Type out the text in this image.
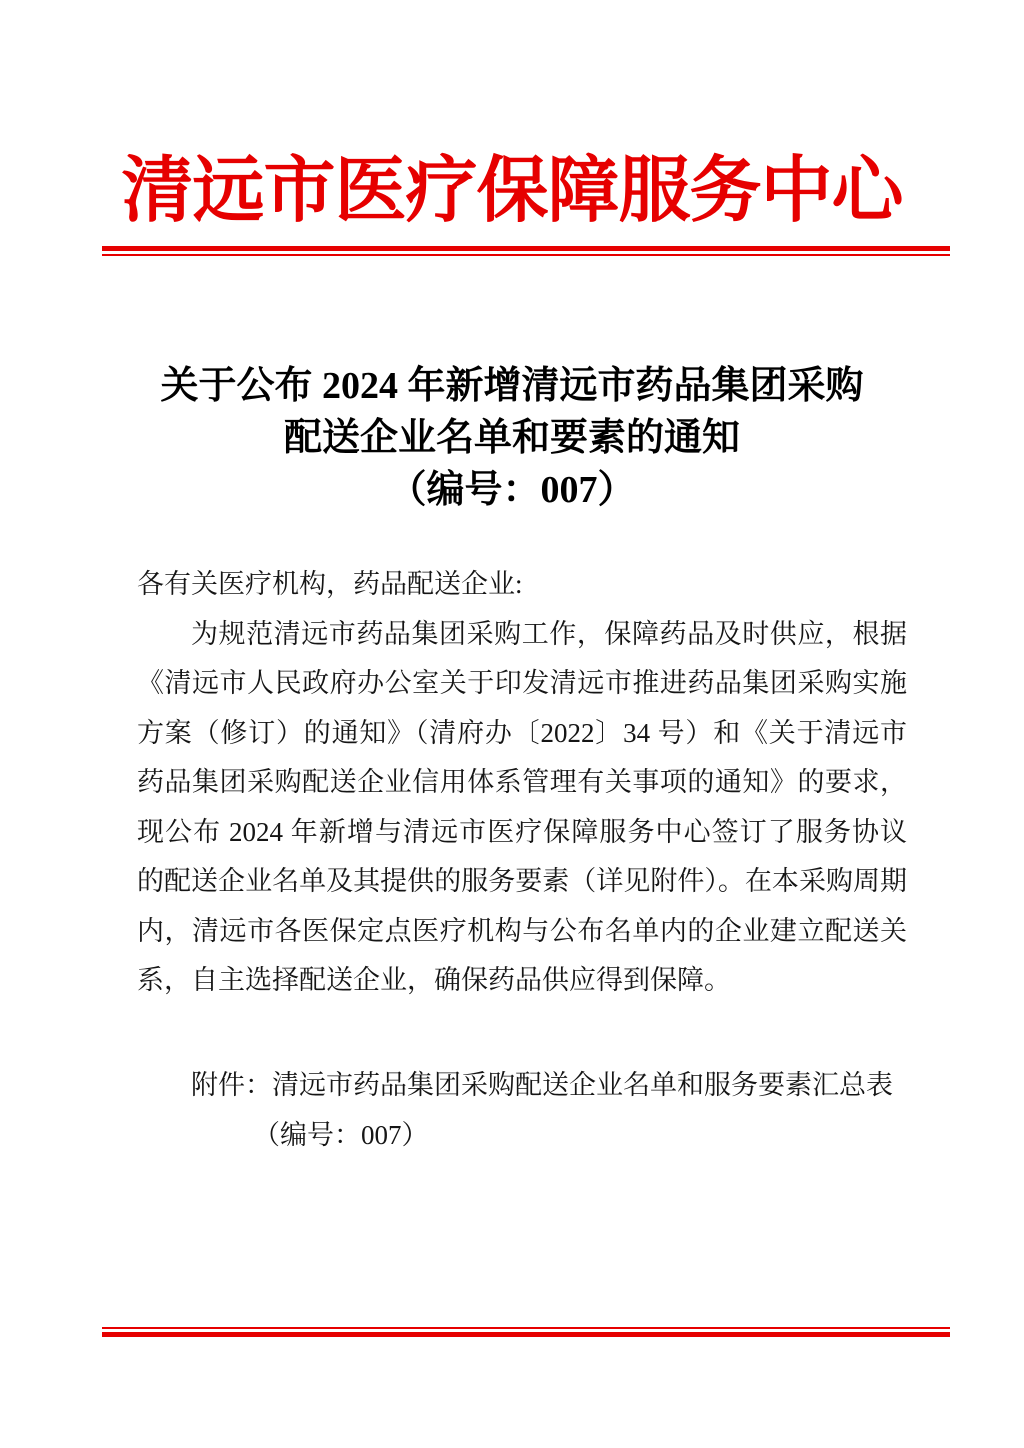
清远市医疗保障服务中心
关于公布 2024 年新增清远市药品集团采购
配送企业名单和要素的通知
（编号：007）
各有关医疗机构，药品配送企业:
为规范清远市药品集团采购工作，保障药品及时供应，根据
《清远市人民政府办公室关于印发清远市推进药品集团采购实施
方案（修订）的通知》（清府办〔2022〕34 号）和《关于清远市
药品集团采购配送企业信用体系管理有关事项的通知》的要求，
现公布 2024 年新增与清远市医疗保障服务中心签订了服务协议
的配送企业名单及其提供的服务要素（详见附件）。在本采购周期
内，清远市各医保定点医疗机构与公布名单内的企业建立配送关
系，自主选择配送企业，确保药品供应得到保障。
附件：清远市药品集团采购配送企业名单和服务要素汇总表
（编号：007）
